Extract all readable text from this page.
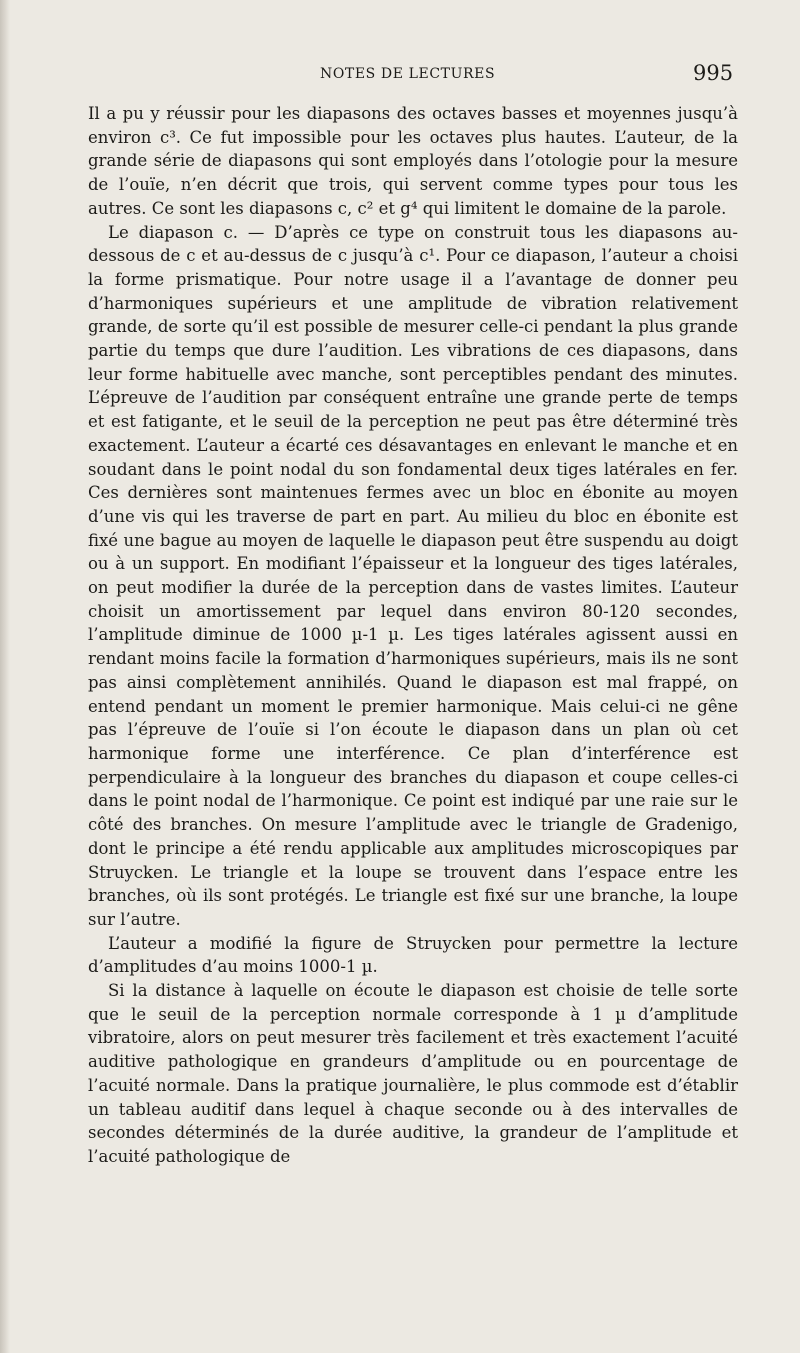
NOTES DE LECTURES	995

Il a pu y réussir pour les diapasons des octaves basses et moyennes jusqu’à environ c³. Ce fut impossible pour les octaves plus hautes. L’auteur, de la grande série de diapasons qui sont employés dans l’otologie pour la mesure de l’ouïe, n’en décrit que trois, qui servent comme types pour tous les autres. Ce sont les diapasons c, c² et g⁴ qui limitent le domaine de la parole.

Le diapason c. — D’après ce type on construit tous les diapasons au-dessous de c et au-dessus de c jusqu’à c¹. Pour ce diapason, l’auteur a choisi la forme prismatique. Pour notre usage il a l’avantage de donner peu d’harmoniques supérieurs et une amplitude de vibration relativement grande, de sorte qu’il est possible de mesurer celle-ci pendant la plus grande partie du temps que dure l’audition. Les vibrations de ces diapasons, dans leur forme habituelle avec manche, sont perceptibles pendant des minutes. L’épreuve de l’audition par conséquent entraîne une grande perte de temps et est fatigante, et le seuil de la perception ne peut pas être déterminé très exactement. L’auteur a écarté ces désavantages en enlevant le manche et en soudant dans le point nodal du son fondamental deux tiges latérales en fer. Ces dernières sont maintenues fermes avec un bloc en ébonite au moyen d’une vis qui les traverse de part en part. Au milieu du bloc en ébonite est fixé une bague au moyen de laquelle le diapason peut être suspendu au doigt ou à un support. En modifiant l’épaisseur et la longueur des tiges latérales, on peut modifier la durée de la perception dans de vastes limites. L’auteur choisit un amortissement par lequel dans environ 80-120 secondes, l’amplitude diminue de 1000 µ-1 µ. Les tiges latérales agissent aussi en rendant moins facile la formation d’harmoniques supérieurs, mais ils ne sont pas ainsi complètement annihilés. Quand le diapason est mal frappé, on entend pendant un moment le premier harmonique. Mais celui-ci ne gêne pas l’épreuve de l’ouïe si l’on écoute le diapason dans un plan où cet harmonique forme une interférence. Ce plan d’interférence est perpendiculaire à la longueur des branches du diapason et coupe celles-ci dans le point nodal de l’harmonique. Ce point est indiqué par une raie sur le côté des branches. On mesure l’amplitude avec le triangle de Gradenigo, dont le principe a été rendu applicable aux amplitudes microscopiques par Struycken. Le triangle et la loupe se trouvent dans l’espace entre les branches, où ils sont protégés. Le triangle est fixé sur une branche, la loupe sur l’autre.

L’auteur a modifié la figure de Struycken pour permettre la lecture d’amplitudes d’au moins 1000-1 µ.

Si la distance à laquelle on écoute le diapason est choisie de telle sorte que le seuil de la perception normale corresponde à 1 µ d’amplitude vibratoire, alors on peut mesurer très facilement et très exactement l’acuité auditive pathologique en grandeurs d’amplitude ou en pourcentage de l’acuité normale. Dans la pratique journalière, le plus commode est d’établir un tableau auditif dans lequel à chaque seconde ou à des intervalles de secondes déterminés de la durée auditive, la grandeur de l’amplitude et l’acuité pathologique de
